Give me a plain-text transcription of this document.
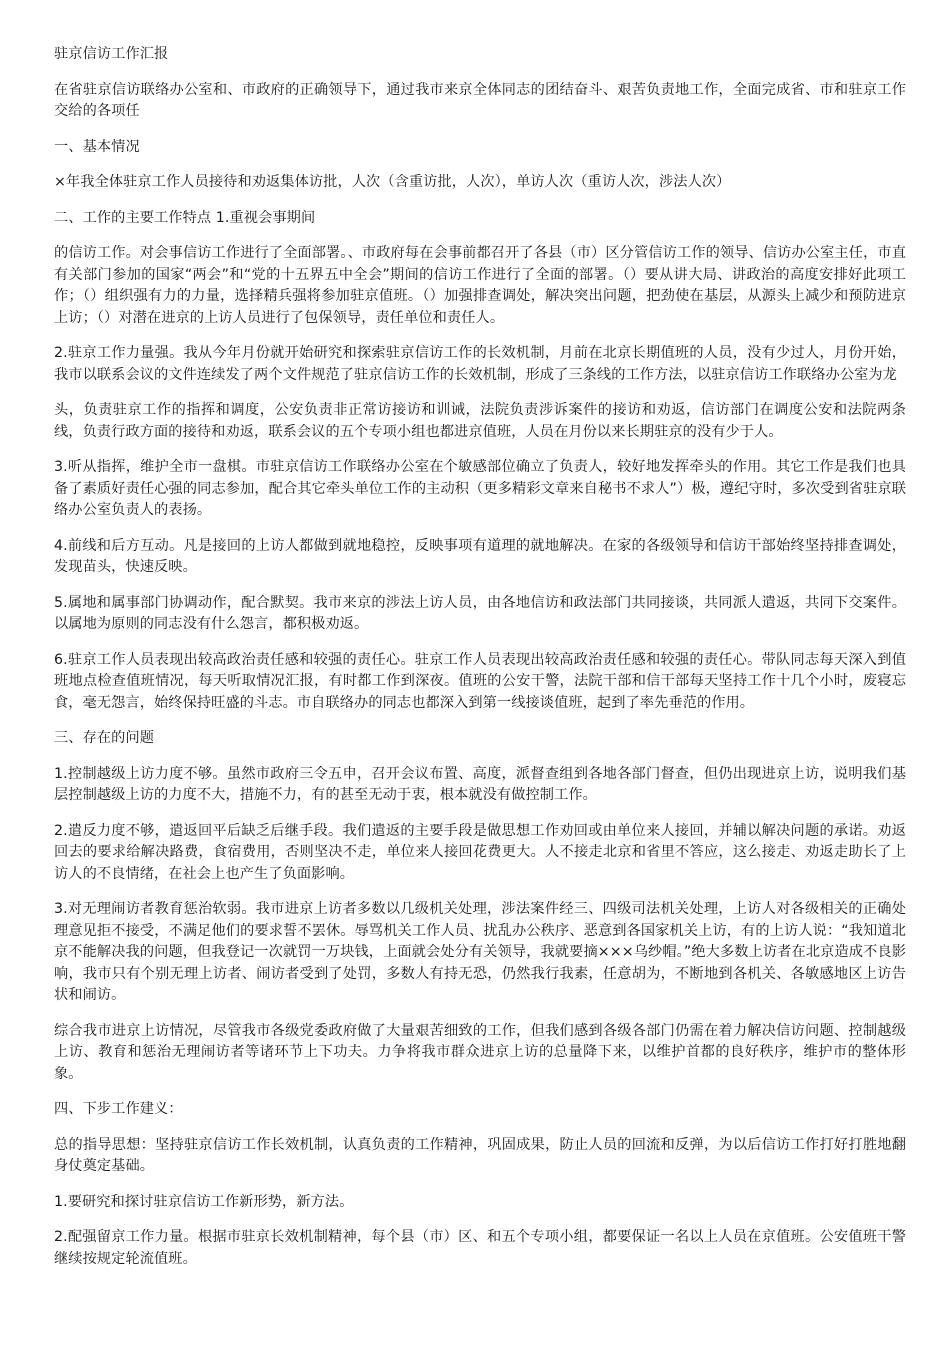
驻京信访工作汇报

在省驻京信访联络办公室和、市政府的正确领导下，通过我市来京全体同志的团结奋斗、艰苦负责地工作，全面完成省、市和驻京工作交给的各项任

一、基本情况

×年我全体驻京工作人员接待和劝返集体访批，人次（含重访批，人次），单访人次（重访人次，涉法人次）

二、工作的主要工作特点 1.重视会事期间

的信访工作。对会事信访工作进行了全面部署。、市政府每在会事前都召开了各县（市）区分管信访工作的领导、信访办公室主任，市直有关部门参加的国家“两会”和“党的十五界五中全会”期间的信访工作进行了全面的部署。（）要从讲大局、讲政治的高度安排好此项工作；（）组织强有力的力量，选择精兵强将参加驻京值班。（）加强排查调处，解决突出问题，把劲使在基层，从源头上减少和预防进京上访；（）对潜在进京的上访人员进行了包保领导，责任单位和责任人。

2.驻京工作力量强。我从今年月份就开始研究和探索驻京信访工作的长效机制，月前在北京长期值班的人员，没有少过人，月份开始，我市以联系会议的文件连续发了两个文件规范了驻京信访工作的长效机制，形成了三条线的工作方法，以驻京信访工作联络办公室为龙

头，负责驻京工作的指挥和调度，公安负责非正常访接访和训诫，法院负责涉诉案件的接访和劝返，信访部门在调度公安和法院两条线，负责行政方面的接待和劝返，联系会议的五个专项小组也都进京值班，人员在月份以来长期驻京的没有少于人。

3.听从指挥，维护全市一盘棋。市驻京信访工作联络办公室在个敏感部位确立了负责人，较好地发挥牵头的作用。其它工作是我们也具备了素质好责任心强的同志参加，配合其它牵头单位工作的主动积（更多精彩文章来自秘书不求人”）极，遵纪守时，多次受到省驻京联络办公室负责人的表扬。

4.前线和后方互动。凡是接回的上访人都做到就地稳控，反映事项有道理的就地解决。在家的各级领导和信访干部始终坚持排查调处，发现苗头，快速反映。

5.属地和属事部门协调动作，配合默契。我市来京的涉法上访人员，由各地信访和政法部门共同接谈，共同派人遣返，共同下交案件。以属地为原则的同志没有什么怨言，都积极劝返。

6.驻京工作人员表现出较高政治责任感和较强的责任心。驻京工作人员表现出较高政治责任感和较强的责任心。带队同志每天深入到值班地点检查值班情况，每天听取情况汇报，有时都工作到深夜。值班的公安干警，法院干部和信干部每天坚持工作十几个小时，废寝忘食，毫无怨言，始终保持旺盛的斗志。市自联络办的同志也都深入到第一线接谈值班，起到了率先垂范的作用。

三、存在的问题

1.控制越级上访力度不够。虽然市政府三令五申，召开会议布置、高度，派督查组到各地各部门督查，但仍出现进京上访，说明我们基层控制越级上访的力度不大，措施不力，有的甚至无动于衷，根本就没有做控制工作。

2.遣反力度不够，遣返回平后缺乏后继手段。我们遣返的主要手段是做思想工作劝回或由单位来人接回，并辅以解决问题的承诺。劝返回去的要求给解决路费，食宿费用，否则坚决不走，单位来人接回花费更大。人不接走北京和省里不答应，这么接走、劝返走助长了上访人的不良情绪，在社会上也产生了负面影响。

3.对无理闹访者教育惩治软弱。我市进京上访者多数以几级机关处理，涉法案件经三、四级司法机关处理，上访人对各级相关的正确处理意见拒不接受，不满足他们的要求誓不罢休。辱骂机关工作人员、扰乱办公秩序、恶意到各国家机关上访，有的上访人说：“我知道北京不能解决我的问题，但我登记一次就罚一万块钱，上面就会处分有关领导，我就要摘×××乌纱帽。”绝大多数上访者在北京造成不良影响，我市只有个别无理上访者、闹访者受到了处罚，多数人有持无恐，仍然我行我素，任意胡为，不断地到各机关、各敏感地区上访告状和闹访。

综合我市进京上访情况，尽管我市各级党委政府做了大量艰苦细致的工作，但我们感到各级各部门仍需在着力解决信访问题、控制越级上访、教育和惩治无理闹访者等诸环节上下功夫。力争将我市群众进京上访的总量降下来，以维护首都的良好秩序，维护市的整体形象。

四、下步工作建义：

总的指导思想：坚持驻京信访工作长效机制，认真负责的工作精神，巩固成果，防止人员的回流和反弹，为以后信访工作打好打胜地翻身仗奠定基础。

1.要研究和探讨驻京信访工作新形势，新方法。

2.配强留京工作力量。根据市驻京长效机制精神，每个县（市）区、和五个专项小组，都要保证一名以上人员在京值班。公安值班干警继续按规定轮流值班。
